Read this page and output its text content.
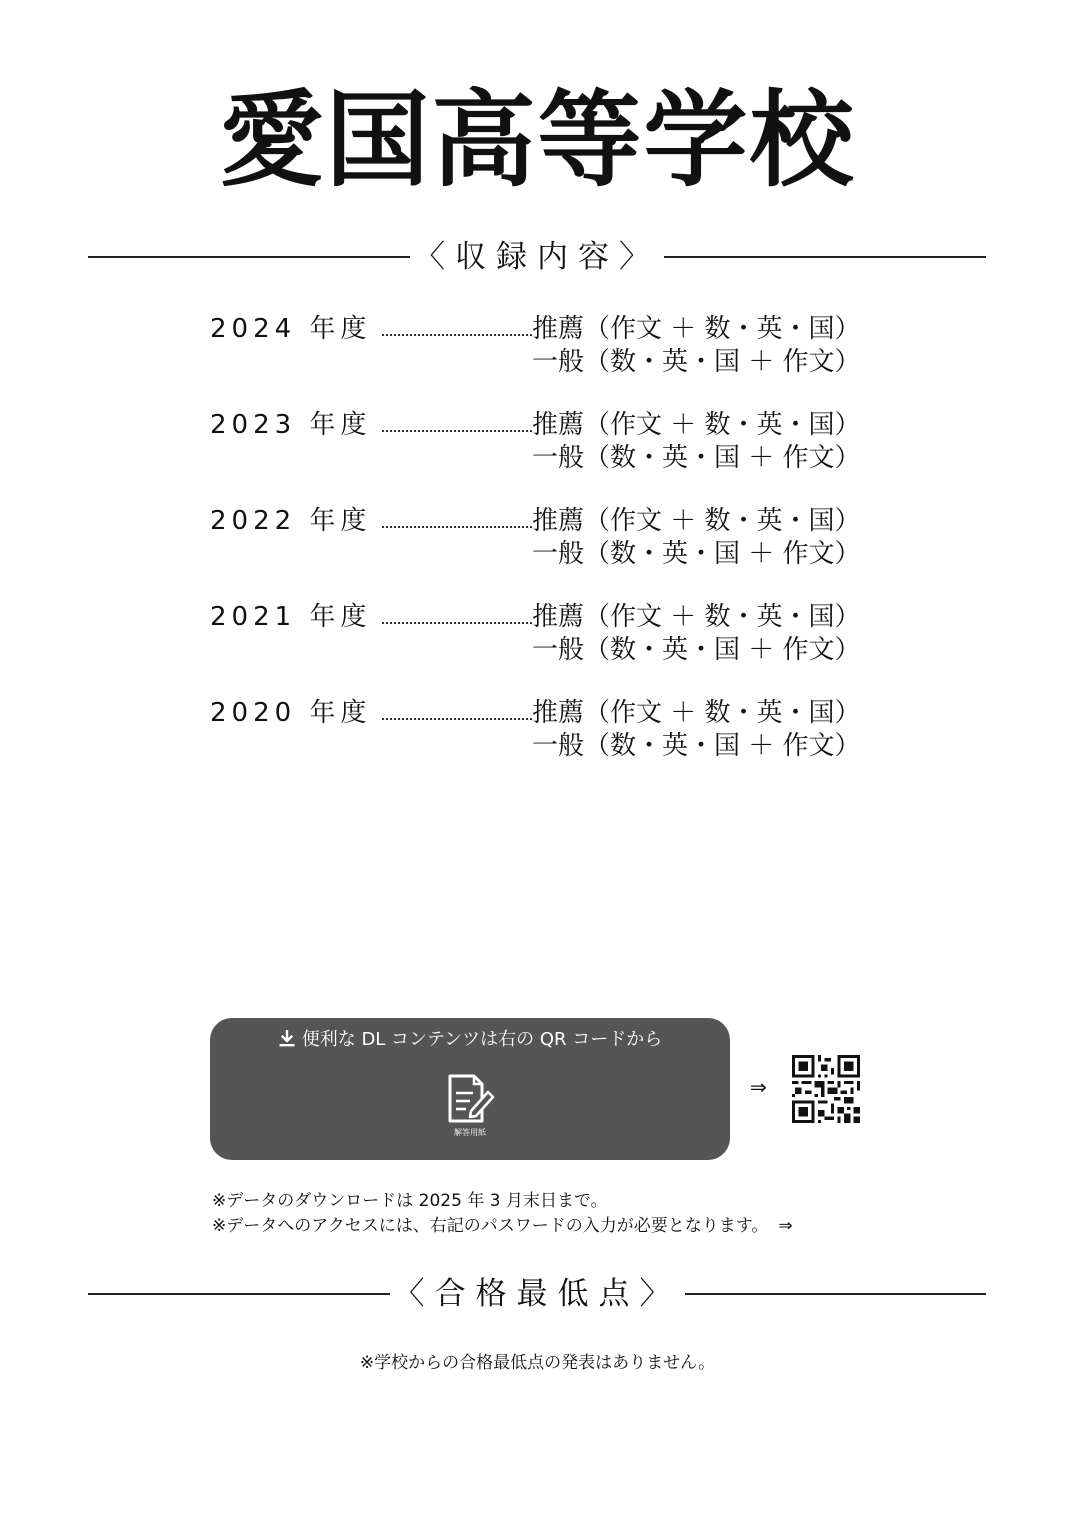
愛国高等学校
〈収録内容〉
2024 年度	推薦（作文 ＋ 数・英・国）
一般（数・英・国 ＋ 作文）
2023 年度	推薦（作文 ＋ 数・英・国）
一般（数・英・国 ＋ 作文）
2022 年度	推薦（作文 ＋ 数・英・国）
一般（数・英・国 ＋ 作文）
2021 年度	推薦（作文 ＋ 数・英・国）
一般（数・英・国 ＋ 作文）
2020 年度	推薦（作文 ＋ 数・英・国）
一般（数・英・国 ＋ 作文）
便利な DL コンテンツは右の QR コードから
解答用紙
⇒
※データのダウンロードは 2025 年 3 月末日まで。
※データへのアクセスには、右記のパスワードの入力が必要となります。 ⇒
〈合格最低点〉
※学校からの合格最低点の発表はありません。
